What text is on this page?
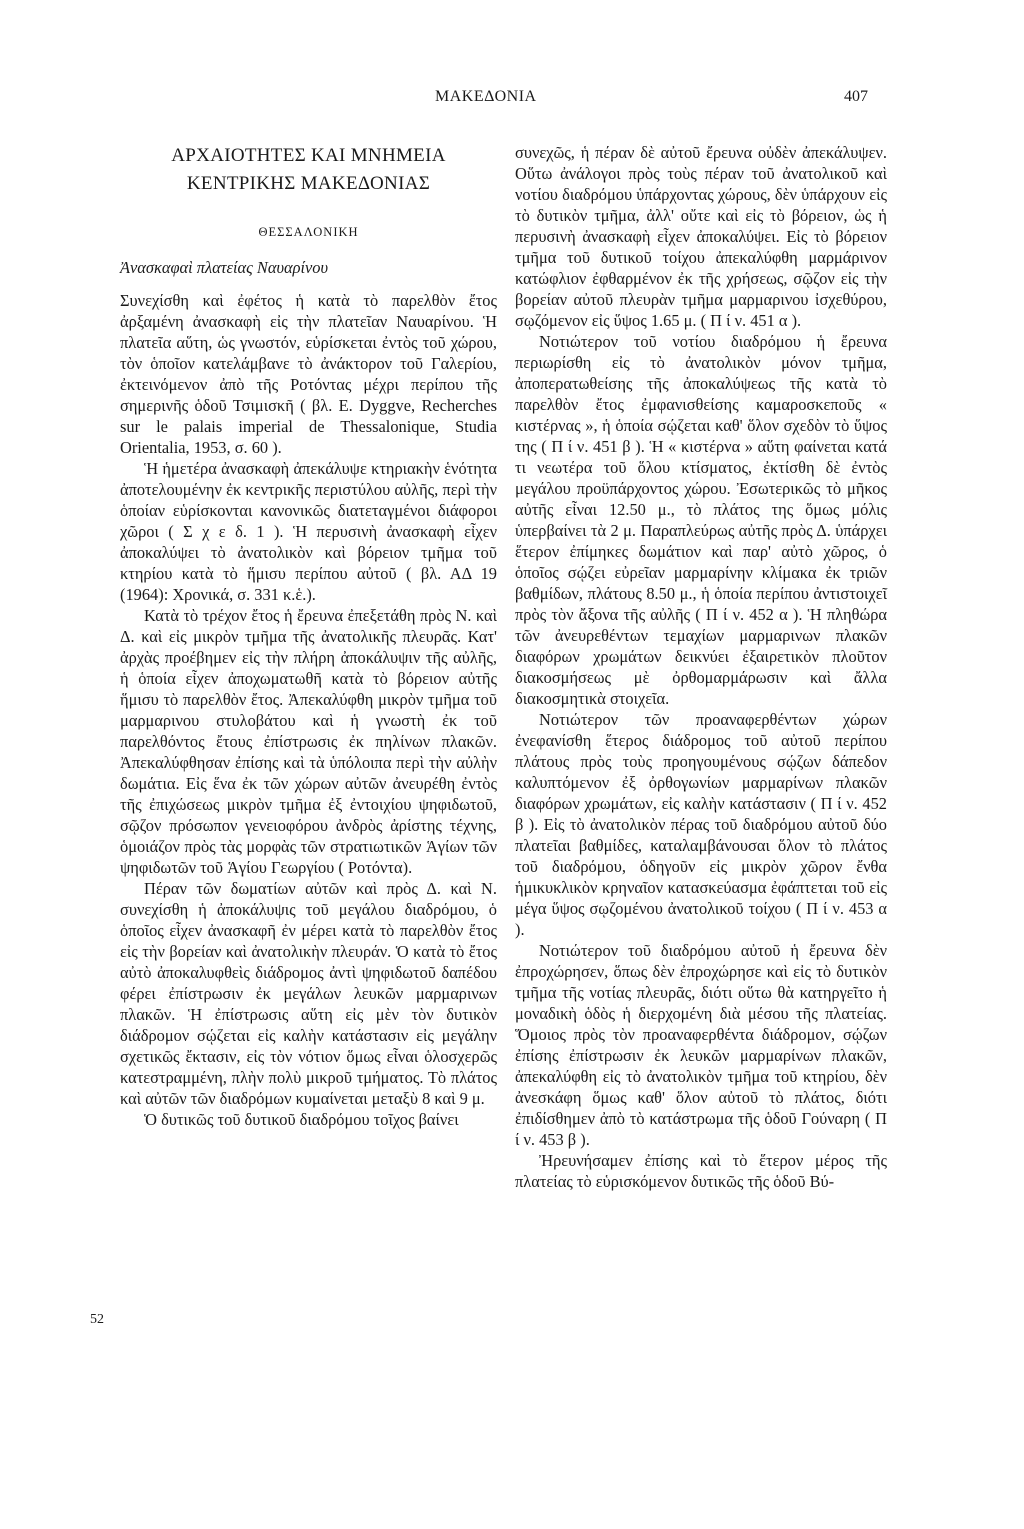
ΜΑΚΕΔΟΝΙΑ	407
ΑΡΧΑΙΟΤΗΤΕΣ ΚΑΙ ΜΝΗΜΕΙΑ
ΚΕΝΤΡΙΚΗΣ ΜΑΚΕΔΟΝΙΑΣ
ΘΕΣΣΑΛΟΝΙΚΗ
Ἀνασκαφαὶ πλατείας Ναυαρίνου

Συνεχίσθη καὶ ἐφέτος ἡ κατὰ τὸ παρελθὸν ἔτος ἀρξαμένη ἀνασκαφὴ εἰς τὴν πλατεῖαν Ναυαρίνου. Ἡ πλατεῖα αὕτη, ὡς γνωστόν, εὑρίσκεται ἐντὸς τοῦ χώρου, τὸν ὁποῖον κατελάμβανε τὸ ἀνάκτορον τοῦ Γαλερίου, ἐκτεινόμενον ἀπὸ τῆς Ροτόντας μέχρι περίπου τῆς σημερινῆς ὁδοῦ Τσιμισκῆ ( βλ. E. Dyggve, Recherches sur le palais imperial de Thessalonique, Studia Orientalia, 1953, σ. 60 ).

Ἡ ἡμετέρα ἀνασκαφὴ ἀπεκάλυψε κτηριακὴν ἑνότητα ἀποτελουμένην ἐκ κεντρικῆς περιστύλου αὐλῆς, περὶ τὴν ὁποίαν εὑρίσκονται κανονικῶς διατεταγμένοι διάφοροι χῶροι ( Σ χ ε δ. 1 ). Ἡ περυσινὴ ἀνασκαφὴ εἶχεν ἀποκαλύψει τὸ ἀνατολικὸν καὶ βόρειον τμῆμα τοῦ κτηρίου κατὰ τὸ ἥμισυ περίπου αὐτοῦ ( βλ. ΑΔ 19 (1964): Χρονικά, σ. 331 κ.ἑ.).

Κατὰ τὸ τρέχον ἔτος ἡ ἔρευνα ἐπεξετάθη πρὸς Ν. καὶ Δ. καὶ εἰς μικρὸν τμῆμα τῆς ἀνατολικῆς πλευρᾶς. Κατ' ἀρχὰς προέβημεν εἰς τὴν πλήρη ἀποκάλυψιν τῆς αὐλῆς, ἡ ὁποία εἶχεν ἀποχωματωθῆ κατὰ τὸ βόρειον αὐτῆς ἥμισυ τὸ παρελθὸν ἔτος. Ἀπεκαλύφθη μικρὸν τμῆμα τοῦ μαρμαρινου στυλοβάτου καὶ ἡ γνωστὴ ἐκ τοῦ παρελθόντος ἔτους ἐπίστρωσις ἐκ πηλίνων πλακῶν. Ἀπεκαλύφθησαν ἐπίσης καὶ τὰ ὑπόλοιπα περὶ τὴν αὐλὴν δωμάτια. Εἰς ἕνα ἐκ τῶν χώρων αὐτῶν ἀνευρέθη ἐντὸς τῆς ἐπιχώσεως μικρὸν τμῆμα ἐξ ἐντοιχίου ψηφιδωτοῦ, σῷζον πρόσωπον γενειοφόρου ἀνδρὸς ἀρίστης τέχνης, ὁμοιάζον πρὸς τὰς μορφὰς τῶν στρατιωτικῶν Ἁγίων τῶν ψηφιδωτῶν τοῦ Ἁγίου Γεωργίου ( Ροτόντα).

Πέραν τῶν δωματίων αὐτῶν καὶ πρὸς Δ. καὶ Ν. συνεχίσθη ἡ ἀποκάλυψις τοῦ μεγάλου διαδρόμου, ὁ ὁποῖος εἶχεν ἀνασκαφῆ ἐν μέρει κατὰ τὸ παρελθὸν ἔτος εἰς τὴν βορείαν καὶ ἀνατολικὴν πλευράν. Ὁ κατὰ τὸ ἔτος αὐτὸ ἀποκαλυφθεὶς διάδρομος ἀντὶ ψηφιδωτοῦ δαπέδου φέρει ἐπίστρωσιν ἐκ μεγάλων λευκῶν μαρμαρινων πλακῶν. Ἡ ἐπίστρωσις αὕτη εἰς μὲν τὸν δυτικὸν διάδρομον σῴζεται εἰς καλὴν κατάστασιν εἰς μεγάλην σχετικῶς ἔκτασιν, εἰς τὸν νότιον ὅμως εἶναι ὁλοσχερῶς κατεστραμμένη, πλὴν πολὺ μικροῦ τμήματος. Τὸ πλάτος καὶ αὐτῶν τῶν διαδρόμων κυμαίνεται μεταξὺ 8 καὶ 9 μ.

Ὁ δυτικῶς τοῦ δυτικοῦ διαδρόμου τοῖχος βαίνει

συνεχῶς, ἡ πέραν δὲ αὐτοῦ ἔρευνα οὐδὲν ἀπεκάλυψεν. Οὕτω ἀνάλογοι πρὸς τοὺς πέραν τοῦ ἀνατολικοῦ καὶ νοτίου διαδρόμου ὑπάρχοντας χώρους, δὲν ὑπάρχουν εἰς τὸ δυτικὸν τμῆμα, ἀλλ' οὔτε καὶ εἰς τὸ βόρειον, ὡς ἡ περυσινὴ ἀνασκαφὴ εἶχεν ἀποκαλύψει. Εἰς τὸ βόρειον τμῆμα τοῦ δυτικοῦ τοίχου ἀπεκαλύφθη μαρμάρινον κατώφλιον ἐφθαρμένον ἐκ τῆς χρήσεως, σῷζον εἰς τὴν βορείαν αὐτοῦ πλευρὰν τμῆμα μαρμαρινου ἰσχεθύρου, σῳζόμενον εἰς ὕψος 1.65 μ. ( Π ί ν. 451 α ).

Νοτιώτερον τοῦ νοτίου διαδρόμου ἡ ἔρευνα περιωρίσθη εἰς τὸ ἀνατολικὸν μόνον τμῆμα, ἀποπερατωθείσης τῆς ἀποκαλύψεως τῆς κατὰ τὸ παρελθὸν ἔτος ἐμφανισθείσης καμαροσκεποῦς « κιστέρνας », ἡ ὁποία σῴζεται καθ' ὅλον σχεδὸν τὸ ὕψος της ( Π ί ν. 451 β ). Ἡ « κιστέρνα » αὕτη φαίνεται κατά τι νεωτέρα τοῦ ὅλου κτίσματος, ἐκτίσθη δὲ ἐντὸς μεγάλου προϋπάρχοντος χώρου. Ἐσωτερικῶς τὸ μῆκος αὐτῆς εἶναι 12.50 μ., τὸ πλάτος της ὅμως μόλις ὑπερβαίνει τὰ 2 μ. Παραπλεύρως αὐτῆς πρὸς Δ. ὑπάρχει ἕτερον ἐπίμηκες δωμάτιον καὶ παρ' αὐτὸ χῶρος, ὁ ὁποῖος σῴζει εὐρεῖαν μαρμαρίνην κλίμακα ἐκ τριῶν βαθμίδων, πλάτους 8.50 μ., ἡ ὁποία περίπου ἀντιστοιχεῖ πρὸς τὸν ἄξονα τῆς αὐλῆς ( Π ί ν. 452 α ). Ἡ πληθώρα τῶν ἀνευρεθέντων τεμαχίων μαρμαρινων πλακῶν διαφόρων χρωμάτων δεικνύει ἐξαιρετικὸν πλοῦτον διακοσμήσεως μὲ ὀρθομαρμάρωσιν καὶ ἄλλα διακοσμητικὰ στοιχεῖα.

Νοτιώτερον τῶν προαναφερθέντων χώρων ἐνεφανίσθη ἕτερος διάδρομος τοῦ αὐτοῦ περίπου πλάτους πρὸς τοὺς προηγουμένους σῴζων δάπεδον καλυπτόμενον ἐξ ὀρθογωνίων μαρμαρίνων πλακῶν διαφόρων χρωμάτων, εἰς καλὴν κατάστασιν ( Π ί ν. 452 β ). Εἰς τὸ ἀνατολικὸν πέρας τοῦ διαδρόμου αὐτοῦ δύο πλατεῖαι βαθμίδες, καταλαμβάνουσαι ὅλον τὸ πλάτος τοῦ διαδρόμου, ὁδηγοῦν εἰς μικρὸν χῶρον ἔνθα ἡμικυκλικὸν κρηναῖον κατασκεύασμα ἐφάπτεται τοῦ εἰς μέγα ὕψος σῳζομένου ἀνατολικοῦ τοίχου ( Π ί ν. 453 α ).

Νοτιώτερον τοῦ διαδρόμου αὐτοῦ ἡ ἔρευνα δὲν ἐπροχώρησεν, ὅπως δὲν ἐπροχώρησε καὶ εἰς τὸ δυτικὸν τμῆμα τῆς νοτίας πλευρᾶς, διότι οὕτω θὰ κατηργεῖτο ἡ μοναδικὴ ὁδὸς ἡ διερχομένη διὰ μέσου τῆς πλατείας. Ὅμοιος πρὸς τὸν προαναφερθέντα διάδρομον, σῴζων ἐπίσης ἐπίστρωσιν ἐκ λευκῶν μαρμαρίνων πλακῶν, ἀπεκαλύφθη εἰς τὸ ἀνατολικὸν τμῆμα τοῦ κτηρίου, δὲν ἀνεσκάφη ὅμως καθ' ὅλον αὐτοῦ τὸ πλάτος, διότι ἐπιδίσθημεν ἀπὸ τὸ κατάστρωμα τῆς ὁδοῦ Γούναρη ( Π ί ν. 453 β ).

Ἠρευνήσαμεν ἐπίσης καὶ τὸ ἕτερον μέρος τῆς πλατείας τὸ εὑρισκόμενον δυτικῶς τῆς ὁδοῦ Βύ-

52
